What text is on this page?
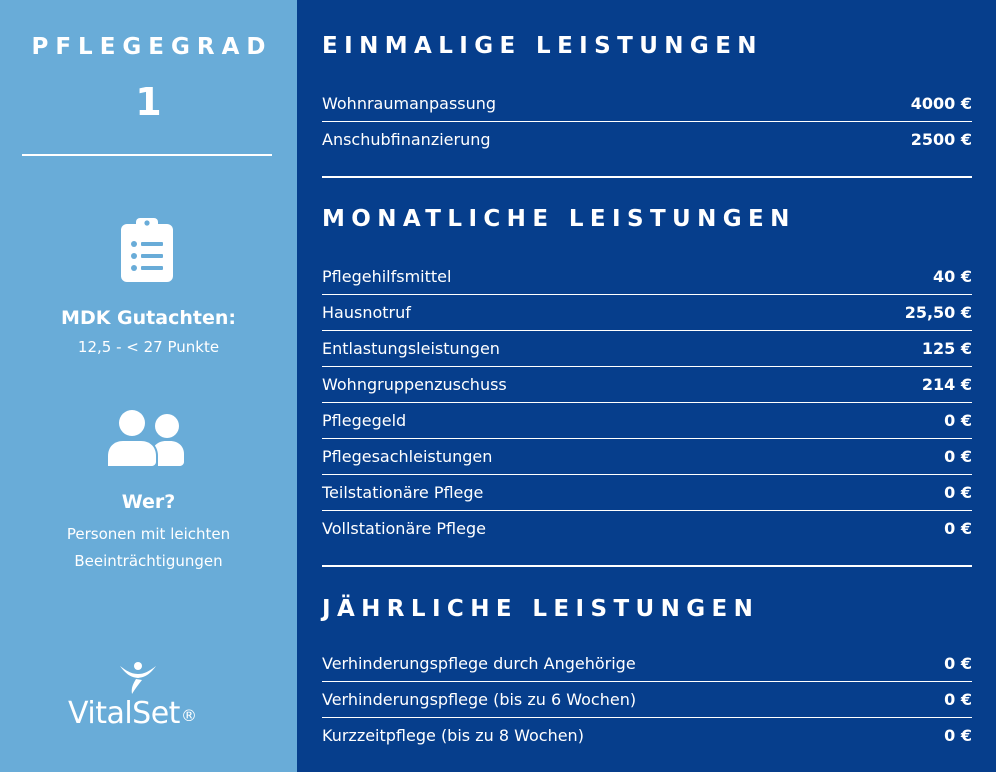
PFLEGEGRAD
1
MDK Gutachten:
12,5 - < 27 Punkte
Wer?
Personen mit leichten
Beeinträchtigungen
VitalSet®
EINMALIGE LEISTUNGEN
Wohnraumanpassung	4000 €
Anschubfinanzierung	2500 €
MONATLICHE LEISTUNGEN
Pflegehilfsmittel	40 €
Hausnotruf	25,50 €
Entlastungsleistungen	125 €
Wohngruppenzuschuss	214 €
Pflegegeld	0 €
Pflegesachleistungen	0 €
Teilstationäre Pflege	0 €
Vollstationäre Pflege	0 €
JÄHRLICHE LEISTUNGEN
Verhinderungspflege durch Angehörige	0 €
Verhinderungspflege (bis zu 6 Wochen)	0 €
Kurzzeitpflege (bis zu 8 Wochen)	0 €
